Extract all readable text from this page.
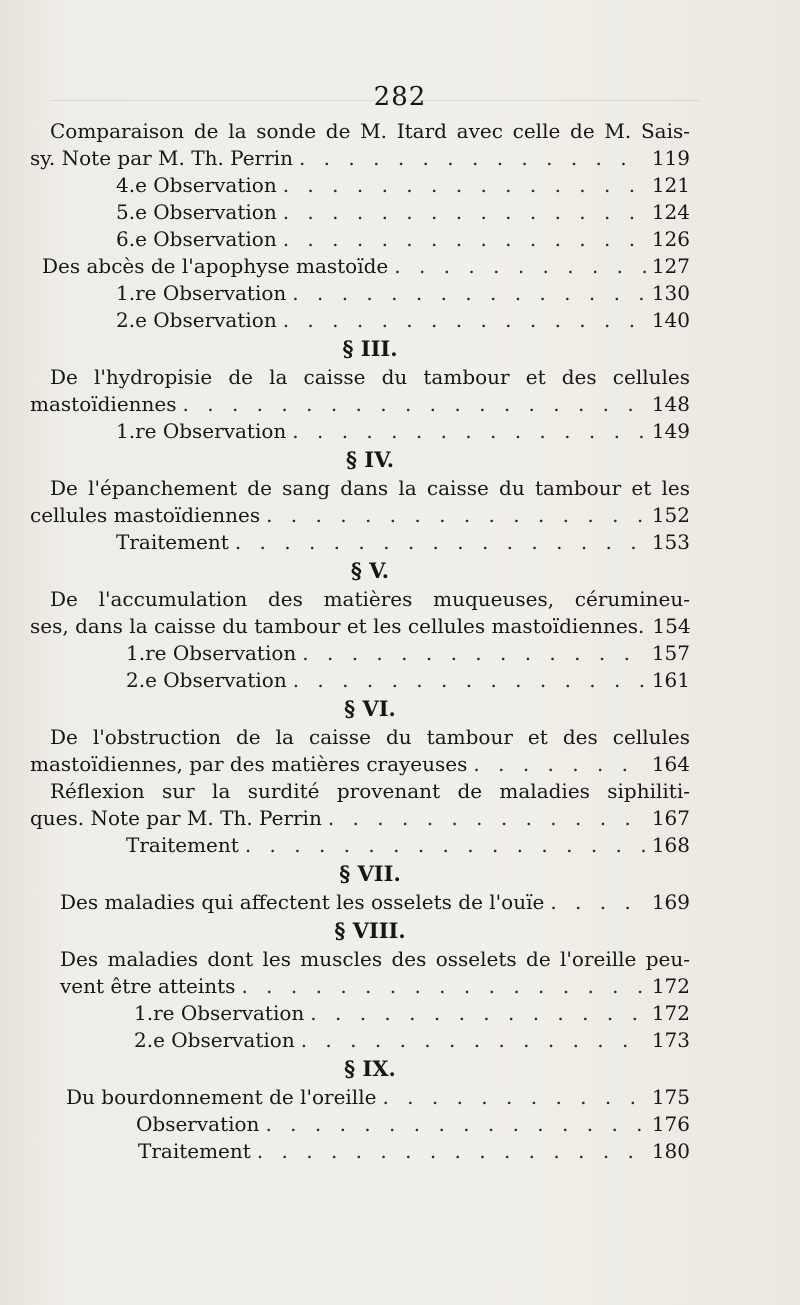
282
Comparaison de la sonde de M. Itard avec celle de M. Sais-
sy. Note par M. Th. Perrin . . .	119
4.e Observation . . .	121
5.e Observation . . .	124
6.e Observation . . .	126
Des abcès de l'apophyse mastoïde . . .	127
1.re Observation . . .	130
2.e Observation . . .	140
§ III.
De l'hydropisie de la caisse du tambour et des cellules
mastoïdiennes . . .	148
1.re Observation . . .	149
§ IV.
De l'épanchement de sang dans la caisse du tambour et les
cellules mastoïdiennes . . .	152
Traitement . . .	153
§ V.
De l'accumulation des matières muqueuses, cérumineu-
ses, dans la caisse du tambour et les cellules mastoïdiennes. 154
1.re Observation . . .	157
2.e Observation . . .	161
§ VI.
De l'obstruction de la caisse du tambour et des cellules
mastoïdiennes, par des matières crayeuses . . .	164
Réflexion sur la surdité provenant de maladies siphiliti-
ques. Note par M. Th. Perrin . . .	167
Traitement . . .	168
§ VII.
Des maladies qui affectent les osselets de l'ouïe . . .	169
§ VIII.
Des maladies dont les muscles des osselets de l'oreille peu-
vent être atteints . . .	172
1.re Observation . . .	172
2.e Observation . . .	173
§ IX.
Du bourdonnement de l'oreille . . .	175
Observation . . .	176
Traitement . . .	180
